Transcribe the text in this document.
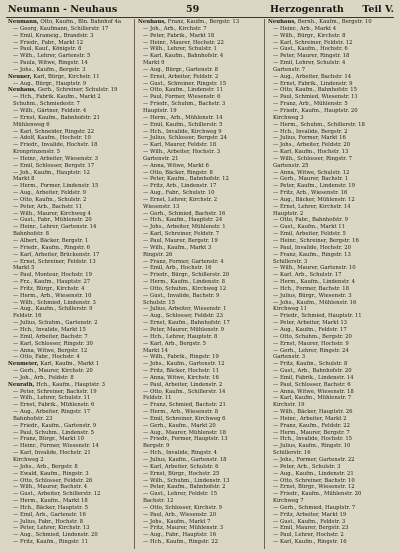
Neumann - Neuhaus	59	Herzogenrath Teil V.
Neumann, Otto, Kaufm., Bln. Bahnhof 4a
— Georg, Kaufmann, Schillerstr. 17
— Emil, Krameig., Brandstr. 3
— Friedr., Fabr., Markt 12
— Paul, Kauf., Königstr. 8
— Wilh., Lehrer, Gartenstr. 5
— Paula, Witwe, Ringstr. 14
— Johs., Kaufm., Bergstr. 3
Neuner, Karl, Bürgr., Kirchstr. 11
— Aug., Bürgr., Hauptstr. 9
Neuhaus, Gerh., Schreiner, Schulstr. 19
— Hch., Fabrik. Kaufm., Markt 2
Schuhm., Schmiedestr. 7
— Wilh., Gärtner, Feldstr. 4
— Ernst, Kaufm., Bahnhofstr. 21
Mühlenweg 6
— Karl, Schneider, Ringstr. 22
— Adolf, Kaufm., Hochstr. 10
— Friedr., Invalide, Hochstr. 18
Kronprinzenstr. 5
— Heinr., Arbeiter, Wiesenstr. 3
— Emil, Schlosser, Bergstr. 17
— Joh., Kaufm., Hauptstr. 12
Markt 8
— Herm., Former, Lindenstr. 15
— Aug., Arbeiter, Feldstr. 9
— Otto, Kaufm., Schulstr. 2
— Peter, Arb., Bachstr. 11
— Wilh., Maurer, Kirchweg 4
— Gust., Fabr., Mühlenstr. 20
— Heinr., Lehrer, Gartenstr. 14
Bahnhofstr. 8
— Albert, Bäcker, Bergstr. 1
— Friedr., Kaufm., Ringstr. 6
— Karl, Arbeiter, Brückenstr. 17
— Ernst, Schreiner, Feldstr. 13
Markt 5
— Paul, Monteur, Hochstr. 19
— Frz., Kaufm., Hauptstr. 27
— Fritz, Bürgr., Kirchstr. 4
— Herm., Arb., Wiesenstr. 10
— Wilh., Schmied, Lindenstr. 3
— Aug., Kaufm., Schillerstr. 9
Feldstr. 16
— Julius, Schuhm., Gartenstr. 2
— Hch., Invalide, Markt 15
— Emil, Arbeiter, Bachstr. 7
— Karl, Schlosser, Ringstr. 30
— Anna, Witwe, Bergstr. 12
— Otto, Fabr., Hochstr. 4
Neumeier, Karl, Kaufm., Markt 1
— Gerh., Maurer, Kirchstr. 20
— Joh., Arb., Feldstr. 8
Neurath, Hch., Kaufm., Hauptstr. 3
— Peter, Schreiner, Bachstr. 19
— Wilh., Lehrer, Schulstr. 11
— Ernst, Fabrik., Mühlenstr. 6
— Aug., Arbeiter, Ringstr. 17
Bahnhofstr. 23
— Friedr., Kaufm., Gartenstr. 9
— Paul, Schuhm., Lindenstr. 5
— Franz, Bürgr., Markt 10
— Heinr., Former, Wiesenstr. 14
— Karl, Invalide, Hochstr. 21
Kirchweg 2
— Johs., Arb., Bergstr. 8
— Ewald, Kaufm., Ringstr. 3
— Otto, Schlosser, Feldstr. 26
— Wilh., Maurer, Bachstr. 4
— Gust., Arbeiter, Schillerstr. 12
— Herm., Kaufm., Markt 18
— Hch., Bäcker, Hauptstr. 5
— Emil, Arb., Gartenstr. 16
— Julius, Fabr., Hochstr. 8
— Peter, Lehrer, Kirchstr. 13
— Aug., Schmied, Lindenstr. 20
— Fritz, Kaufm., Ringstr. 11
Neuhaus, Franz, Kaufm., Bergstr. 13
— Joh., Arb., Kirchstr. 7
— Peter, Fabrik., Markt 18
— Heinr., Maurer, Hochstr. 22
— Wilh., Lehrer, Schulstr. 1
— Karl, Kaufm., Bahnhofstr. 4
Markt 9
— Aug., Bürgr., Gartenstr. 8
— Ernst, Arbeiter, Feldstr. 2
— Gust., Schreiner, Ringstr. 15
— Otto, Kaufm., Lindenstr. 11
— Paul, Former, Wiesenstr. 6
— Friedr., Schuhm., Bachstr. 3
Hauptstr. 19
— Herm., Arb., Mühlenstr. 14
— Emil, Kaufm., Schillerstr. 5
— Hch., Invalide, Kirchweg 9
— Julius, Schlosser, Bergstr. 24
— Karl, Maurer, Feldstr. 18
— Wilh., Arbeiter, Hochstr. 3
Gartenstr. 21
— Anna, Witwe, Markt 6
— Otto, Bäcker, Ringstr. 8
— Peter, Kaufm., Bahnhofstr. 12
— Fritz, Arb., Lindenstr. 17
— Aug., Fabr., Schulstr. 10
— Ernst, Lehrer, Kirchstr. 2
Wiesenstr. 13
— Gerh., Schmied, Bachstr. 16
— Hch., Kaufm., Hauptstr. 24
— Johs., Arbeiter, Mühlenstr. 1
— Karl, Schreiner, Feldstr. 7
— Paul, Maurer, Bergstr. 19
— Wilh., Kaufm., Markt 3
Ringstr. 26
— Franz, Former, Gartenstr. 4
— Emil, Arb., Hochstr. 16
— Friedr., Bürgr., Schillerstr. 20
— Herm., Kaufm., Lindenstr. 8
— Otto, Schuhm., Kirchweg 12
— Gust., Invalide, Bachstr. 9
Schulstr. 15
— Julius, Arbeiter, Wiesenstr. 1
— Aug., Schlosser, Feldstr. 23
— Ernst, Kaufm., Bahnhofstr. 17
— Peter, Maurer, Mühlenstr. 9
— Hch., Lehrer, Hauptstr. 8
— Karl, Arb., Bergstr. 5
Markt 14
— Wilh., Fabrik., Ringstr. 19
— Johs., Kaufm., Gartenstr. 12
— Fritz, Bäcker, Hochstr. 11
— Anna, Witwe, Kirchstr. 16
— Paul, Arbeiter, Lindenstr. 2
— Otto, Kaufm., Schillerstr. 14
Feldstr. 11
— Franz, Schmied, Bachstr. 21
— Herm., Arb., Wiesenstr. 8
— Emil, Schreiner, Kirchweg 6
— Gerh., Kaufm., Markt 20
— Aug., Maurer, Mühlenstr. 18
— Friedr., Former, Hauptstr. 13
Bergstr. 9
— Hch., Invalide, Ringstr. 4
— Julius, Kaufm., Gartenstr. 18
— Karl, Arbeiter, Schulstr. 6
— Ernst, Bürgr., Hochstr. 25
— Wilh., Schuhm., Lindenstr. 13
— Peter, Kaufm., Bahnhofstr. 2
— Gust., Lehrer, Feldstr. 15
Bachstr. 12
— Otto, Schlosser, Kirchstr. 9
— Paul, Arb., Wiesenstr. 20
— Johs., Kaufm., Markt 7
— Fritz, Maurer, Mühlenstr. 3
— Aug., Fabr., Hauptstr. 16
— Hch., Kaufm., Ringstr. 22
Neuhaus, Bernh., Kaufm., Bergstr. 10
— Heinr., Arb., Markt 4
— Wilh., Bürgr., Kirchstr. 8
— Karl, Schreiner, Feldstr. 12
— Gust., Kaufm., Hochstr. 6
— Peter, Maurer, Ringstr. 18
— Emil, Lehrer, Schulstr. 4
Gartenstr. 7
— Aug., Arbeiter, Bachstr. 14
— Ernst, Fabrik., Lindenstr. 9
— Otto, Kaufm., Bahnhofstr. 15
— Paul, Schmied, Wiesenstr. 11
— Franz, Arb., Mühlenstr. 5
— Friedr., Kaufm., Hauptstr. 20
Kirchweg 3
— Herm., Schuhm., Schillerstr. 18
— Hch., Invalide, Bergstr. 2
— Julius, Former, Markt 16
— Johs., Arbeiter, Feldstr. 20
— Karl, Kaufm., Hochstr. 13
— Wilh., Schlosser, Ringstr. 7
Gartenstr. 25
— Anna, Witwe, Schulstr. 12
— Gerh., Maurer, Bachstr. 1
— Peter, Kaufm., Lindenstr. 19
— Fritz, Arb., Wiesenstr. 16
— Aug., Bäcker, Mühlenstr. 12
— Ernst, Lehrer, Kirchstr. 14
Hauptstr. 2
— Otto, Fabr., Bahnhofstr. 9
— Gust., Kaufm., Markt 11
— Emil, Arbeiter, Feldstr. 5
— Heinr., Schreiner, Bergstr. 16
— Paul, Invalide, Hochstr. 20
— Franz, Kaufm., Ringstr. 13
Schillerstr. 3
— Wilh., Maurer, Gartenstr. 10
— Karl, Arb., Schulstr. 17
— Herm., Kaufm., Lindenstr. 4
— Hch., Former, Bachstr. 18
— Julius, Bürgr., Wiesenstr. 3
— Johs., Kaufm., Mühlenstr. 16
Kirchweg 11
— Friedr., Schmied, Hauptstr. 11
— Peter, Arbeiter, Markt 13
— Aug., Kaufm., Feldstr. 17
— Otto, Schuhm., Bergstr. 20
— Ernst, Maurer, Hochstr. 9
— Gerh., Lehrer, Ringstr. 24
Gartenstr. 3
— Fritz, Kaufm., Schulstr. 8
— Gust., Arb., Bahnhofstr. 20
— Emil, Fabrik., Lindenstr. 14
— Paul, Schlosser, Bachstr. 6
— Anna, Witwe, Wiesenstr. 18
— Karl, Kaufm., Mühlenstr. 7
Kirchstr. 19
— Wilh., Bäcker, Hauptstr. 26
— Heinr., Arbeiter, Markt 2
— Franz, Kaufm., Feldstr. 22
— Herm., Maurer, Bergstr. 7
— Hch., Invalide, Hochstr. 15
— Julius, Kaufm., Ringstr. 10
Schillerstr. 16
— Johs., Former, Gartenstr. 22
— Peter, Arb., Schulstr. 3
— Aug., Kaufm., Lindenstr. 21
— Otto, Schreiner, Bachstr. 10
— Ernst, Bürgr., Wiesenstr. 12
— Friedr., Kaufm., Mühlenstr. 20
Kirchweg 7
— Gerh., Schmied, Hauptstr. 7
— Fritz, Arbeiter, Markt 19
— Gust., Kaufm., Feldstr. 3
— Emil, Maurer, Bergstr. 23
— Paul, Lehrer, Hochstr. 2
— Karl, Kaufm., Ringstr. 16
